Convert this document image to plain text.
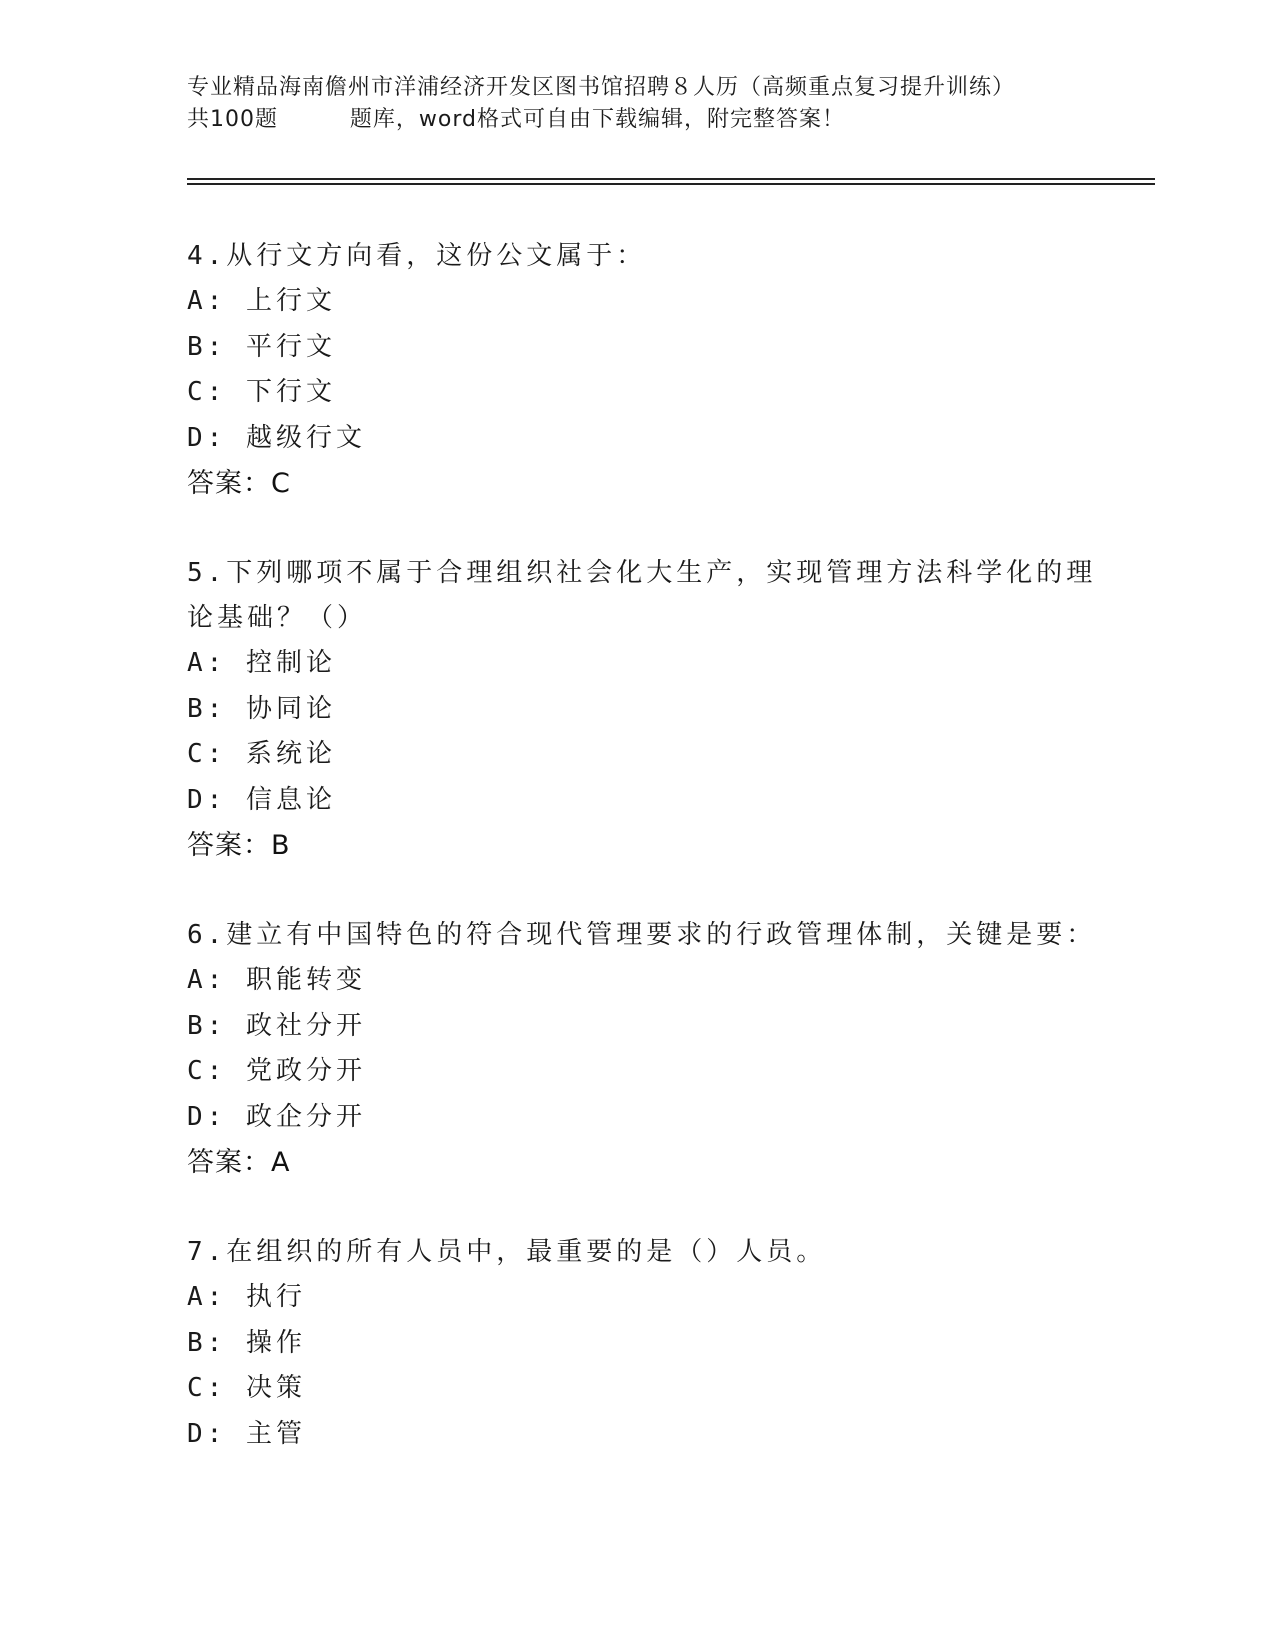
专业精品海南儋州市洋浦经济开发区图书馆招聘８人历（高频重点复习提升训练）
共100题         题库，word格式可自由下载编辑，附完整答案！
4.从行文方向看，这份公文属于：
A: 上行文
B: 平行文
C: 下行文
D: 越级行文
答案：C
5.下列哪项不属于合理组织社会化大生产，实现管理方法科学化的理论基础？（）
A: 控制论
B: 协同论
C: 系统论
D: 信息论
答案：B
6.建立有中国特色的符合现代管理要求的行政管理体制，关键是要：
A: 职能转变
B: 政社分开
C: 党政分开
D: 政企分开
答案：A
7.在组织的所有人员中，最重要的是（）人员。
A: 执行
B: 操作
C: 决策
D: 主管
